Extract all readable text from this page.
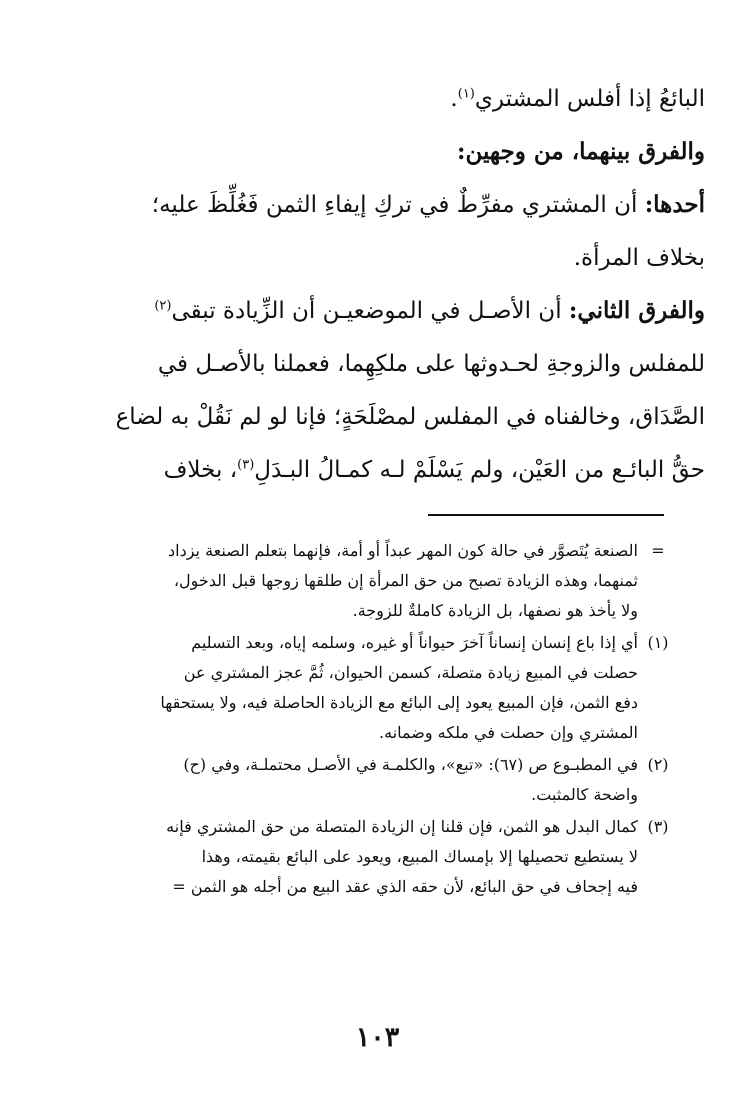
البائعُ إذا أفلس المشتري$^{(١)}$.
والفرق بينهما، من وجهين:
أحدها: أن المشتري مفرِّطٌ في تركِ إيفاءِ الثمن فَغُلِّظَ عليه؛
بخلاف المرأة.
والفرق الثاني: أن الأصـل في الموضعيـن أن الزِّيادة تبقى$^{(٢)}$
للمفلس والزوجةِ لحـدوثها على ملكِهِما، فعملنا بالأصـل في
الصَّدَاق، وخالفناه في المفلس لمصْلَحَةٍ؛ فإنا لو لم نَقُلْ به لضاع
حقُّ البائـع من العَيْن، ولم يَسْلَمْ لـه كمـالُ البـدَلِ$^{(٣)}$، بخلاف
=
الصنعة يُتَصوَّر في حالة كون المهر عبداً أو أمة، فإنهما بتعلم الصنعة يزداد
ثمنهما، وهذه الزيادة تصبح من حق المرأة إن طلقها زوجها قبل الدخول،
ولا يأخذ هو نصفها، بل الزيادة كاملةٌ للزوجة.
(١)
أي إذا باع إنسان إنساناً آخرَ حيواناً أو غيره، وسلمه إياه، وبعد التسليم
حصلت في المبيع زيادة متصلة، كسمن الحيوان، ثُمَّ عجز المشتري عن
دفع الثمن، فإن المبيع يعود إلى البائع مع الزيادة الحاصلة فيه، ولا يستحقها
المشتري وإن حصلت في ملكه وضمانه.
(٢)
في المطبـوع ص (٦٧): «تبع»، والكلمـة في الأصـل محتملـة، وفي (ح)
واضحة كالمثبت.
(٣)
كمال البدل هو الثمن، فإن قلنا إن الزيادة المتصلة من حق المشتري فإنه
لا يستطيع تحصيلها إلا بإمساك المبيع، ويعود على البائع بقيمته، وهذا
فيه إجحاف في حق البائع، لأن حقه الذي عقد البيع من أجله هو الثمن =
١٠٣
